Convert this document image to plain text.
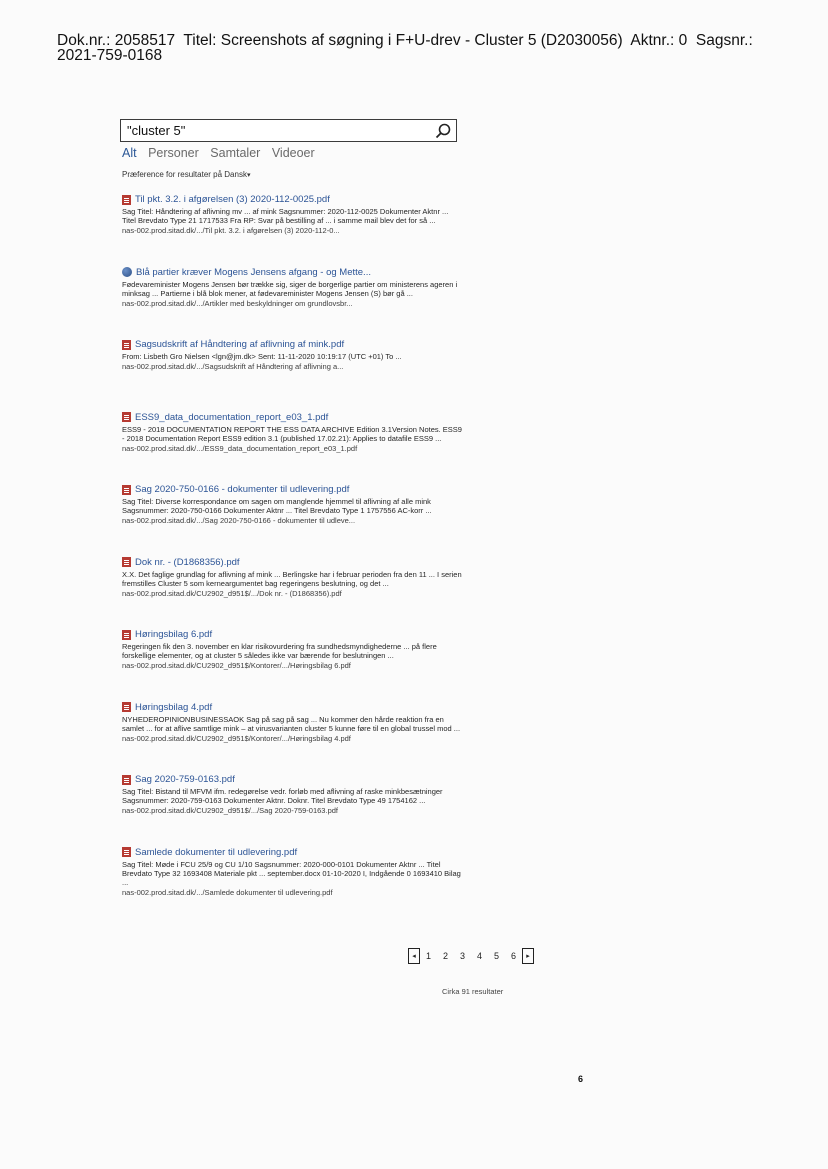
Dok.nr.: 2058517 Titel: Screenshots af søgning i F+U-drev - Cluster 5 (D2030056) Aktnr.: 0 Sagsnr.:
2021-759-0168
"cluster 5"
Alt Personer Samtaler Videoer
Præference for resultater på Dansk▾
Til pkt. 3.2. i afgørelsen (3) 2020-112-0025.pdf
Sag Titel: Håndtering af aflivning mv ... af mink Sagsnummer: 2020-112-0025 Dokumenter Aktnr ... Titel Brevdato Type 21 1717533 Fra RP: Svar på bestilling af ... i samme mail blev det for så ...
nas-002.prod.sitad.dk/.../Til pkt. 3.2. i afgørelsen (3) 2020-112-0...
Blå partier kræver Mogens Jensens afgang - og Mette...
Fødevareminister Mogens Jensen bør trække sig, siger de borgerlige partier om ministerens ageren i minksag ... Partierne i blå blok mener, at fødevareminister Mogens Jensen (S) bør gå ...
nas-002.prod.sitad.dk/.../Artikler med beskyldninger om grundlovsbr...
Sagsudskrift af Håndtering af aflivning af mink.pdf
From: Lisbeth Gro Nielsen <lgn@jm.dk> Sent: 11-11-2020 10:19:17 (UTC +01) To ...
nas-002.prod.sitad.dk/.../Sagsudskrift af Håndtering af aflivning a...
ESS9_data_documentation_report_e03_1.pdf
ESS9 - 2018 DOCUMENTATION REPORT THE ESS DATA ARCHIVE Edition 3.1Version Notes. ESS9 - 2018 Documentation Report ESS9 edition 3.1 (published 17.02.21): Applies to datafile ESS9 ...
nas-002.prod.sitad.dk/.../ESS9_data_documentation_report_e03_1.pdf
Sag 2020-750-0166 - dokumenter til udlevering.pdf
Sag Titel: Diverse korrespondance om sagen om manglende hjemmel til aflivning af alle mink Sagsnummer: 2020-750-0166 Dokumenter Aktnr ... Titel Brevdato Type 1 1757556 AC-korr ...
nas-002.prod.sitad.dk/.../Sag 2020-750-0166 - dokumenter til udleve...
Dok nr. - (D1868356).pdf
X.X. Det faglige grundlag for aflivning af mink ... Berlingske har i februar perioden fra den 11 ... I serien fremstilles Cluster 5 som kerneargumentet bag regeringens beslutning, og det ...
nas-002.prod.sitad.dk/CU2902_d951$/.../Dok nr. - (D1868356).pdf
Høringsbilag 6.pdf
Regeringen fik den 3. november en klar risikovurdering fra sundhedsmyndighederne ... på flere forskellige elementer, og at cluster 5 således ikke var bærende for beslutningen ...
nas-002.prod.sitad.dk/CU2902_d951$/Kontorer/.../Høringsbilag 6.pdf
Høringsbilag 4.pdf
NYHEDEROPINIONBUSINESSAOK Sag på sag på sag ... Nu kommer den hårde reaktion fra en samlet ... for at aflive samtlige mink – at virusvarianten cluster 5 kunne føre til en global trussel mod ...
nas-002.prod.sitad.dk/CU2902_d951$/Kontorer/.../Høringsbilag 4.pdf
Sag 2020-759-0163.pdf
Sag Titel: Bistand til MFVM ifm. redegørelse vedr. forløb med aflivning af raske minkbesætninger Sagsnummer: 2020-759-0163 Dokumenter Aktnr. Doknr. Titel Brevdato Type 49 1754162 ...
nas-002.prod.sitad.dk/CU2902_d951$/.../Sag 2020-759-0163.pdf
Samlede dokumenter til udlevering.pdf
Sag Titel: Møde i FCU 25/9 og CU 1/10 Sagsnummer: 2020-000-0101 Dokumenter Aktnr ... Titel Brevdato Type 32 1693408 Materiale pkt ... september.docx 01-10-2020 I, Indgående 0 1693410 Bilag ...
nas-002.prod.sitad.dk/.../Samlede dokumenter til udlevering.pdf
◂	1	2	3	4	5	6	▸
Cirka 91 resultater
6
